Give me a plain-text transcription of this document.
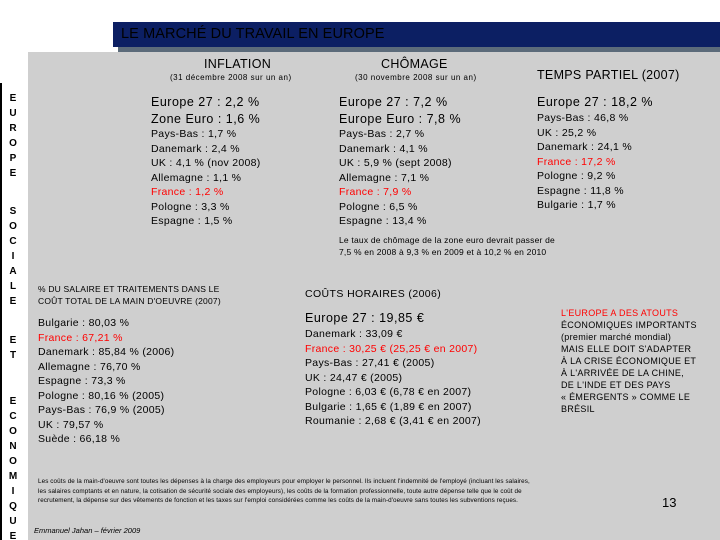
LE MARCHÉ DU TRAVAIL EN EUROPE
E
U
R
O
P
E
S
O
C
I
A
L
E
E
T
E
C
O
N
O
M
I
Q
U
E
INFLATION
(31 décembre 2008 sur un an)
Europe 27 : 2,2 %
Zone Euro : 1,6 %
Pays-Bas : 1,7 %
Danemark : 2,4 %
UK : 4,1 % (nov 2008)
Allemagne : 1,1 %
France : 1,2 %
Pologne : 3,3 %
Espagne : 1,5 %
CHÔMAGE
(30 novembre 2008 sur un an)
Europe 27 : 7,2 %
Europe Euro : 7,8 %
Pays-Bas : 2,7 %
Danemark : 4,1 %
UK : 5,9 % (sept 2008)
Allemagne : 7,1 %
France : 7,9 %
Pologne : 6,5 %
Espagne : 13,4 %
Le taux de chômage de la zone euro devrait passer de
7,5 % en 2008 à 9,3 % en 2009 et à 10,2 % en 2010
TEMPS PARTIEL (2007)
Europe 27 : 18,2 %
Pays-Bas : 46,8 %
UK : 25,2 %
Danemark : 24,1 %
France : 17,2 %
Pologne : 9,2 %
Espagne : 11,8 %
Bulgarie : 1,7 %
% DU SALAIRE ET TRAITEMENTS DANS LE
COÛT TOTAL DE LA MAIN D'OEUVRE (2007)
Bulgarie : 80,03 %
France : 67,21 %
Danemark : 85,84 % (2006)
Allemagne : 76,70 %
Espagne : 73,3 %
Pologne : 80,16 % (2005)
Pays-Bas : 76,9 % (2005)
UK : 79,57 %
Suède : 66,18 %
COÛTS HORAIRES (2006)
Europe 27 : 19,85 €
Danemark : 33,09 €
France : 30,25 € (25,25 € en 2007)
Pays-Bas : 27,41 € (2005)
UK : 24,47 € (2005)
Pologne : 6,03 € (6,78 € en 2007)
Bulgarie : 1,65 € (1,89 € en 2007)
Roumanie : 2,68 € (3,41 € en 2007)
L'EUROPE A DES ATOUTS
ÉCONOMIQUES IMPORTANTS
(premier marché mondial)
MAIS ELLE DOIT S'ADAPTER
À LA CRISE ÉCONOMIQUE ET
À L'ARRIVÉE DE LA CHINE,
DE L'INDE ET DES PAYS
« ÉMERGENTS » COMME LE
BRÉSIL
Les coûts de la main-d'oeuvre sont toutes les dépenses à la charge des employeurs pour employer le personnel. Ils incluent l'indemnité de l'employé (incluant les salaires,
les salaires comptants et en nature, la cotisation de sécurité sociale des employeurs), les coûts de la formation professionnelle, toute autre dépense telle que le coût de
recrutement, la dépense sur des vêtements de fonction et les taxes sur l'emploi considérées comme les coûts de la main-d'oeuvre sans toutes les subventions reçues.	13
Emmanuel Jahan – février 2009
